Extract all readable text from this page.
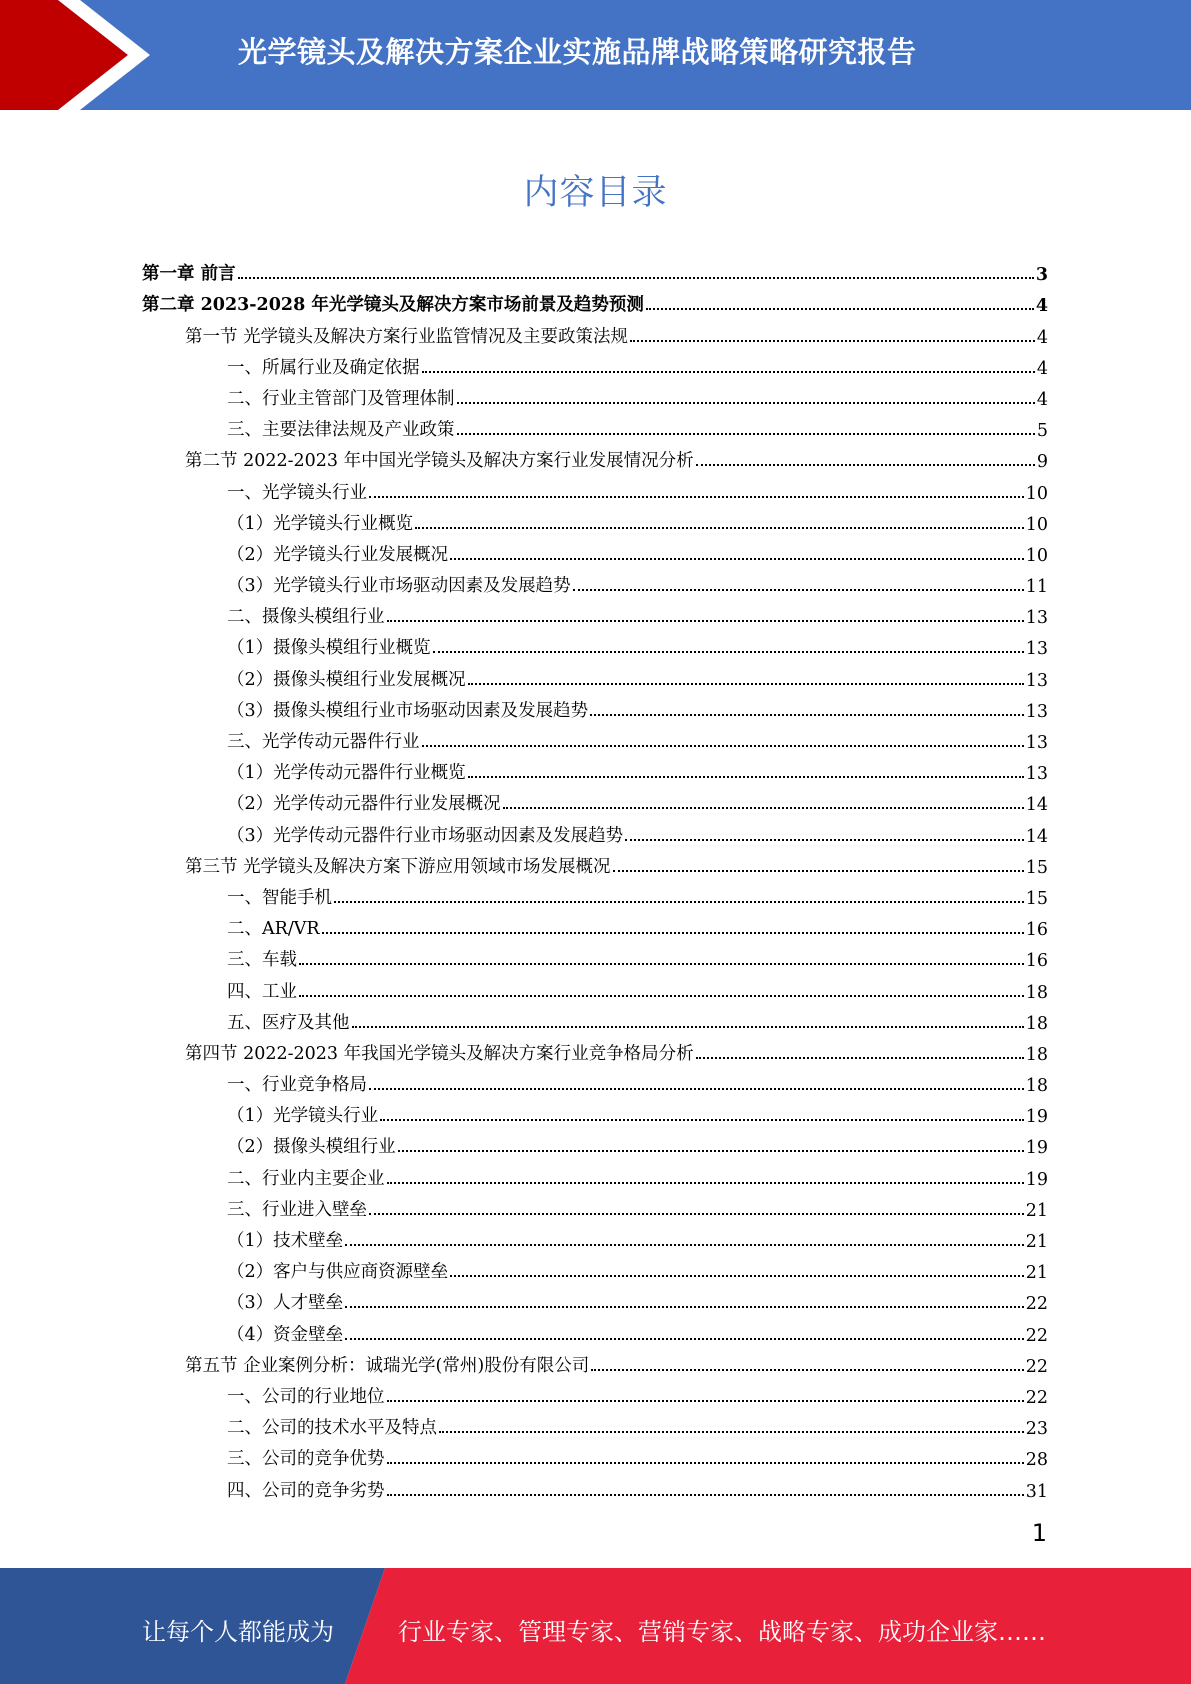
光学镜头及解决方案企业实施品牌战略策略研究报告
内容目录
第一章 前言	3
第二章 2023-2028 年光学镜头及解决方案市场前景及趋势预测	4
第一节 光学镜头及解决方案行业监管情况及主要政策法规	4
一、所属行业及确定依据	4
二、行业主管部门及管理体制	4
三、主要法律法规及产业政策	5
第二节 2022-2023 年中国光学镜头及解决方案行业发展情况分析	9
一、光学镜头行业	10
（1）光学镜头行业概览	10
（2）光学镜头行业发展概况	10
（3）光学镜头行业市场驱动因素及发展趋势	11
二、摄像头模组行业	13
（1）摄像头模组行业概览	13
（2）摄像头模组行业发展概况	13
（3）摄像头模组行业市场驱动因素及发展趋势	13
三、光学传动元器件行业	13
（1）光学传动元器件行业概览	13
（2）光学传动元器件行业发展概况	14
（3）光学传动元器件行业市场驱动因素及发展趋势	14
第三节 光学镜头及解决方案下游应用领域市场发展概况	15
一、智能手机	15
二、AR/VR	16
三、车载	16
四、工业	18
五、医疗及其他	18
第四节 2022-2023 年我国光学镜头及解决方案行业竞争格局分析	18
一、行业竞争格局	18
（1）光学镜头行业	19
（2）摄像头模组行业	19
二、行业内主要企业	19
三、行业进入壁垒	21
（1）技术壁垒	21
（2）客户与供应商资源壁垒	21
（3）人才壁垒	22
（4）资金壁垒	22
第五节 企业案例分析：诚瑞光学(常州)股份有限公司	22
一、公司的行业地位	22
二、公司的技术水平及特点	23
三、公司的竞争优势	28
四、公司的竞争劣势	31
1
让每个人都能成为	行业专家、管理专家、营销专家、战略专家、成功企业家……
